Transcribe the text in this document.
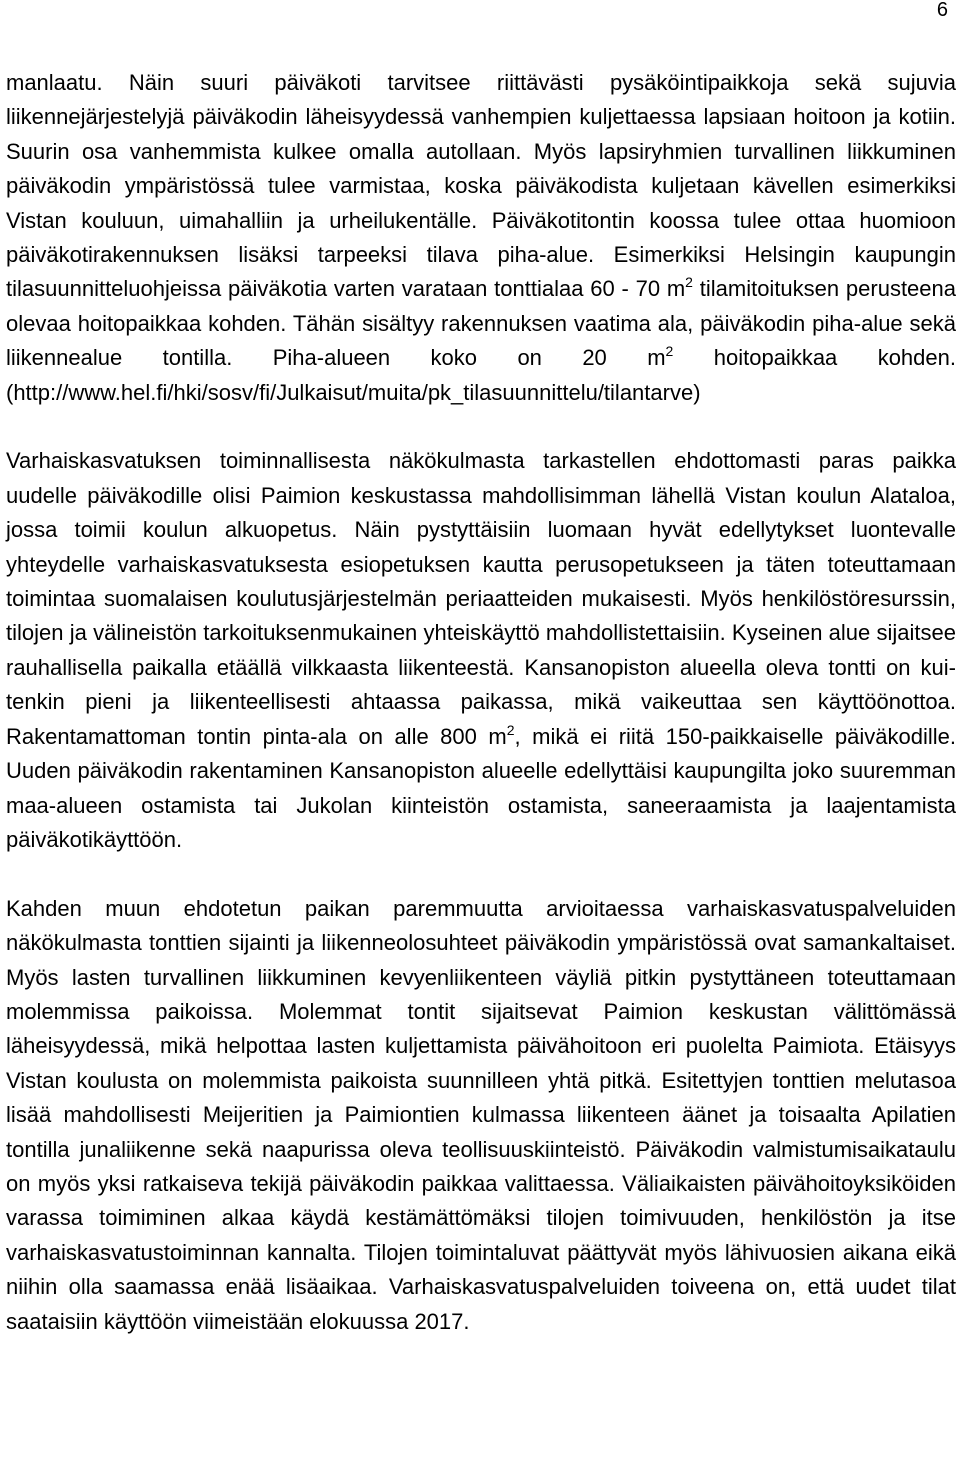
6

manlaatu. Näin suuri päiväkoti tarvitsee riittävästi pysäköintipaikkoja sekä sujuvia liikennejärjestelyjä päiväkodin läheisyydessä vanhempien kuljettaessa lapsiaan hoitoon ja kotiin. Suurin osa vanhemmista kulkee omalla autollaan. Myös lapsiryhmien turvallinen liikkuminen päiväkodin ympäristössä tulee varmistaa, koska päiväkodista kuljetaan kävellen esimerkiksi Vistan kouluun, uimahalliin ja urheilukentälle. Päiväkotitontin koossa tulee ottaa huomioon päiväkotirakennuksen lisäksi tarpeeksi tilava piha-alue. Esimerkiksi Helsingin kaupungin tilasuunnitteluohjeissa päiväkotia varten varataan tonttialaa 60 - 70 $m^2$ tilamitoituksen perusteena olevaa hoitopaikkaa kohden. Tähän sisältyy rakennuksen vaatima ala, päiväkodin piha-alue sekä liikennealue tontilla. Piha-alueen koko on 20 $m^2$ hoitopaikkaa kohden. (http://www.hel.fi/hki/sosv/fi/Julkaisut/muita/pk_tilasuunnittelu/tilantarve)

Varhaiskasvatuksen toiminnallisesta näkökulmasta tarkastellen ehdottomasti paras paikka uudelle päiväkodille olisi Paimion keskustassa mahdollisimman lähellä Vistan koulun Alataloa, jossa toimii koulun alkuopetus. Näin pystyttäisiin luomaan hyvät edellytykset luontevalle yhteydelle varhaiskasvatuksesta esiopetuksen kautta perusopetukseen ja täten toteuttamaan toimintaa suomalaisen koulutusjärjestelmän periaatteiden mukaisesti. Myös henkilöstöresurssin, tilojen ja välineistön tarkoituksenmukainen yhteiskäyttö mahdollistettaisiin. Kyseinen alue sijaitsee rauhallisella paikalla etäällä vilkkaasta liikenteestä. Kansanopiston alueella oleva tontti on kuitenkin pieni ja liikenteellisesti ahtaassa paikassa, mikä vaikeuttaa sen käyttöönottoa. Rakentamattoman tontin pinta-ala on alle 800 $m^2$, mikä ei riitä 150-paikkaiselle päiväkodille. Uuden päiväkodin rakentaminen Kansanopiston alueelle edellyttäisi kaupungilta joko suuremman maa-alueen ostamista tai Jukolan kiinteistön ostamista, saneeraamista ja laajentamista päiväkotikäyttöön.

Kahden muun ehdotetun paikan paremmuutta arvioitaessa varhaiskasvatuspalveluiden näkökulmasta tonttien sijainti ja liikenneolosuhteet päiväkodin ympäristössä ovat samankaltaiset. Myös lasten turvallinen liikkuminen kevyenliikenteen väyliä pitkin pystyttäneen toteuttamaan molemmissa paikoissa. Molemmat tontit sijaitsevat Paimion keskustan välittömässä läheisyydessä, mikä helpottaa lasten kuljettamista päivähoitoon eri puolelta Paimiota. Etäisyys Vistan koulusta on molemmista paikoista suunnilleen yhtä pitkä. Esitettyjen tonttien melutasoa lisää mahdollisesti Meijeritien ja Paimiontien kulmassa liikenteen äänet ja toisaalta Apilatien tontilla junaliikenne sekä naapurissa oleva teollisuuskiinteistö. Päiväkodin valmistumisaikataulu on myös yksi ratkaiseva tekijä päiväkodin paikkaa valittaessa. Väliaikaisten päivähoitoyksiköiden varassa toimiminen alkaa käydä kestämättömäksi tilojen toimivuuden, henkilöstön ja itse varhaiskasvatustoiminnan kannalta. Tilojen toimintaluvat päättyvät myös lähivuosien aikana eikä niihin olla saamassa enää lisäaikaa. Varhaiskasvatuspalveluiden toiveena on, että uudet tilat saataisiin käyttöön viimeistään elokuussa 2017.
